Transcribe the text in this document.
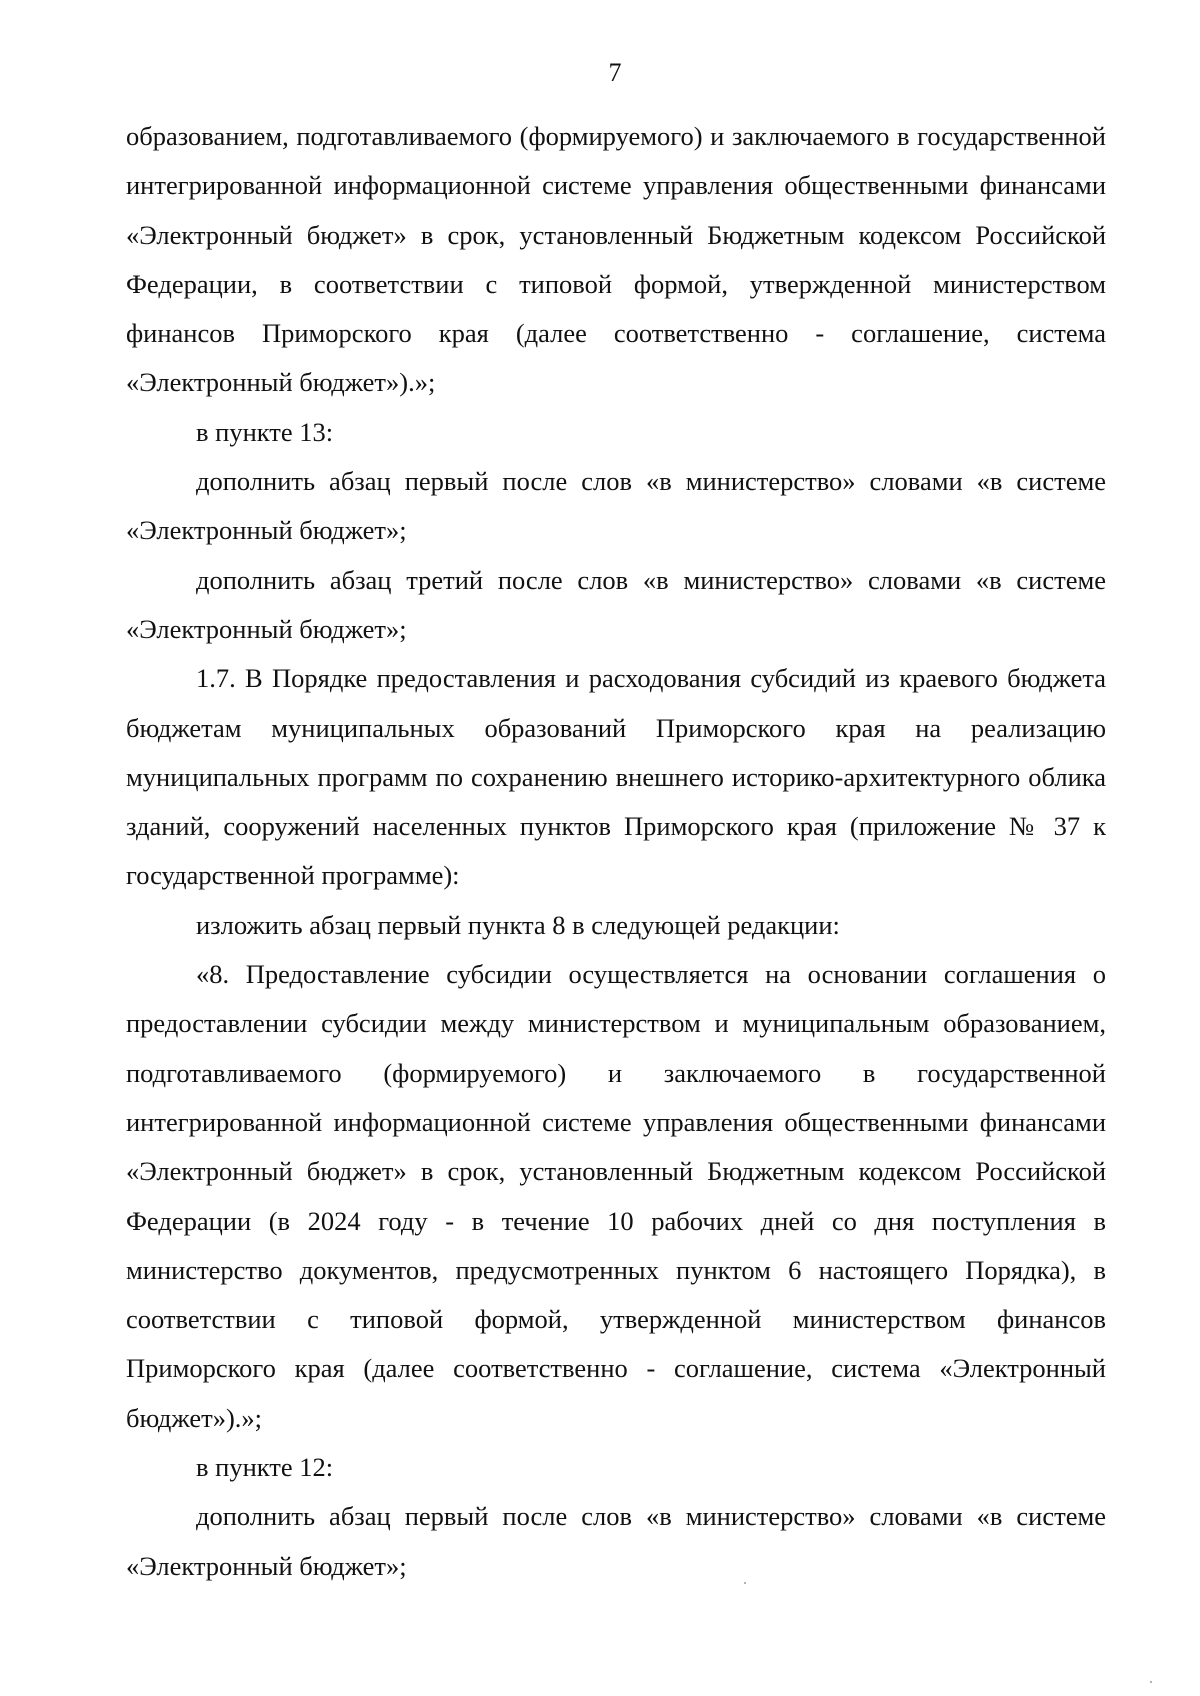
7

образованием, подготавливаемого (формируемого) и заключаемого в государственной интегрированной информационной системе управления общественными финансами «Электронный бюджет» в срок, установленный Бюджетным кодексом Российской Федерации, в соответствии с типовой формой, утвержденной министерством финансов Приморского края (далее соответственно - соглашение, система «Электронный бюджет»).»;

в пункте 13:

дополнить абзац первый после слов «в министерство» словами «в системе «Электронный бюджет»;

дополнить абзац третий после слов «в министерство» словами «в системе «Электронный бюджет»;

1.7. В Порядке предоставления и расходования субсидий из краевого бюджета бюджетам муниципальных образований Приморского края на реализацию муниципальных программ по сохранению внешнего историко-архитектурного облика зданий, сооружений населенных пунктов Приморского края (приложение № 37 к государственной программе):

изложить абзац первый пункта 8 в следующей редакции:

«8. Предоставление субсидии осуществляется на основании соглашения о предоставлении субсидии между министерством и муниципальным образованием, подготавливаемого (формируемого) и заключаемого в государственной интегрированной информационной системе управления общественными финансами «Электронный бюджет» в срок, установленный Бюджетным кодексом Российской Федерации (в 2024 году - в течение 10 рабочих дней со дня поступления в министерство документов, предусмотренных пунктом 6 настоящего Порядка), в соответствии с типовой формой, утвержденной министерством финансов Приморского края (далее соответственно - соглашение, система «Электронный бюджет»).»;

в пункте 12:

дополнить абзац первый после слов «в министерство» словами «в системе «Электронный бюджет»;
